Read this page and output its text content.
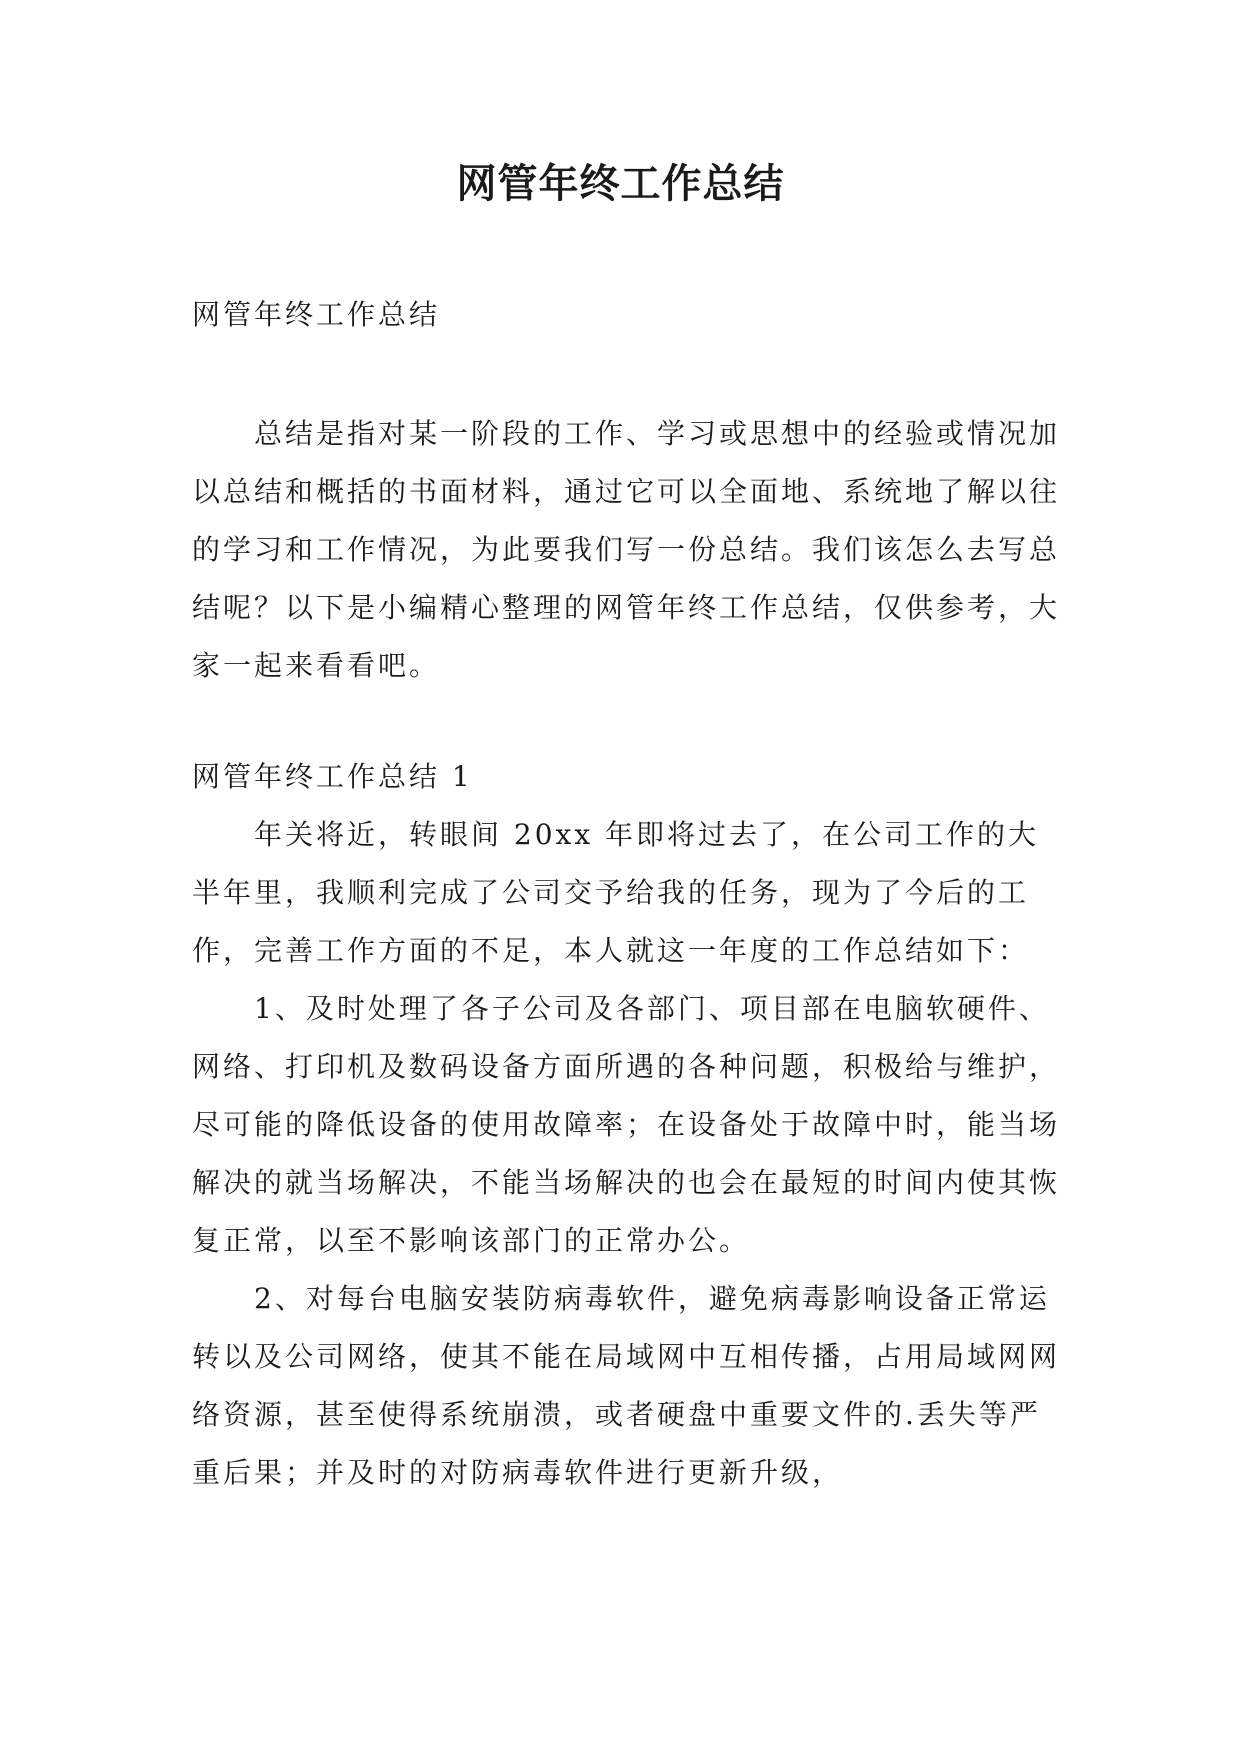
网管年终工作总结
网管年终工作总结

总结是指对某一阶段的工作、学习或思想中的经验或情况加以总结和概括的书面材料，通过它可以全面地、系统地了解以往的学习和工作情况，为此要我们写一份总结。我们该怎么去写总结呢？以下是小编精心整理的网管年终工作总结，仅供参考，大家一起来看看吧。

网管年终工作总结 1

年关将近，转眼间 20xx 年即将过去了，在公司工作的大半年里，我顺利完成了公司交予给我的任务，现为了今后的工作，完善工作方面的不足，本人就这一年度的工作总结如下：

1、及时处理了各子公司及各部门、项目部在电脑软硬件、网络、打印机及数码设备方面所遇的各种问题，积极给与维护，尽可能的降低设备的使用故障率；在设备处于故障中时，能当场解决的就当场解决，不能当场解决的也会在最短的时间内使其恢复正常，以至不影响该部门的正常办公。

2、对每台电脑安装防病毒软件，避免病毒影响设备正常运转以及公司网络，使其不能在局域网中互相传播，占用局域网网络资源，甚至使得系统崩溃，或者硬盘中重要文件的.丢失等严重后果；并及时的对防病毒软件进行更新升级，
